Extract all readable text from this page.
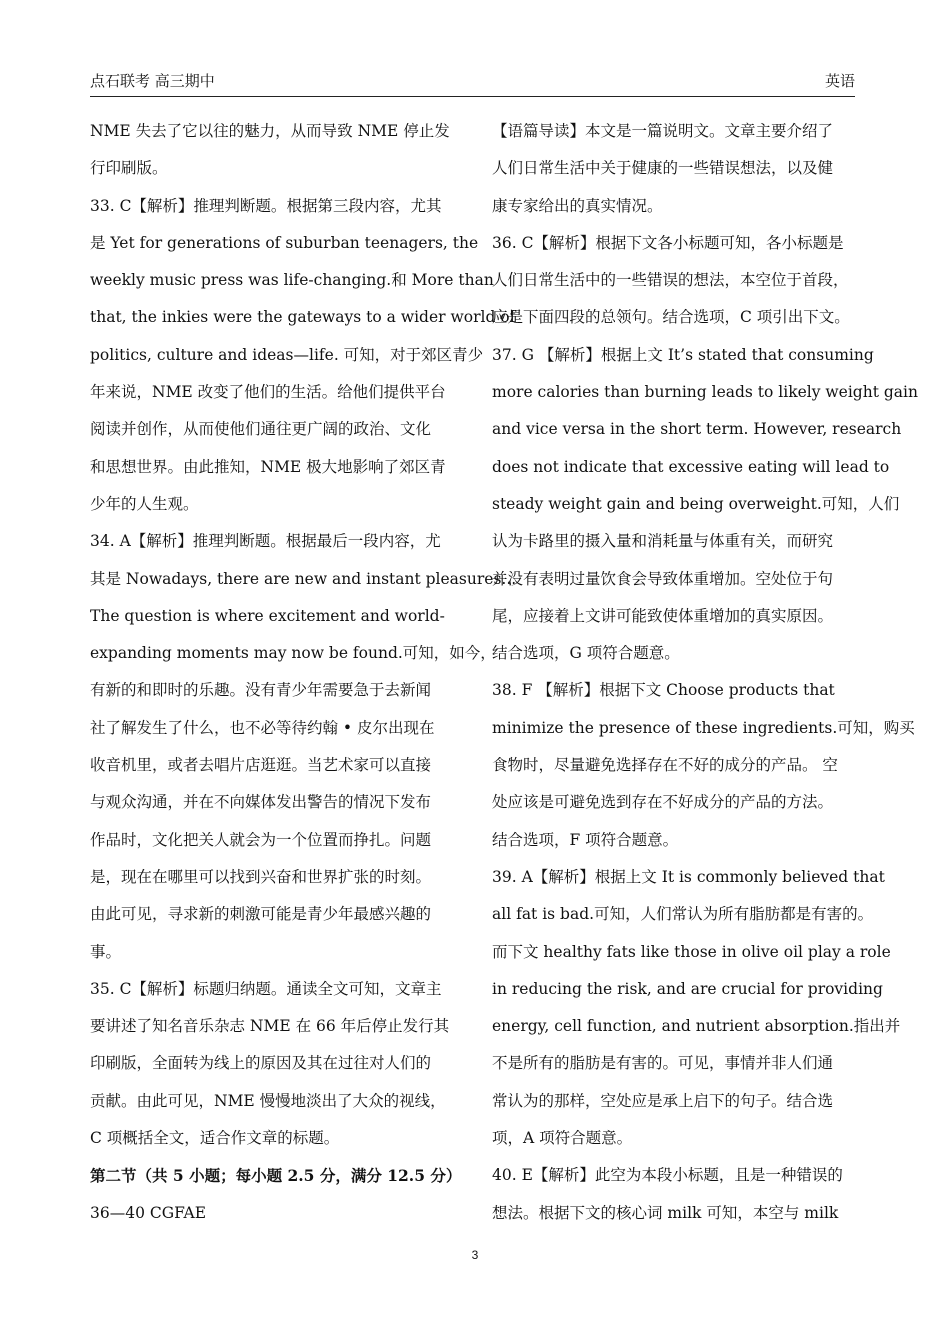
点石联考 高三期中	英语
NME 失去了它以往的魅力，从而导致 NME 停止发
行印刷版。
33. C【解析】推理判断题。根据第三段内容，尤其
是 Yet for generations of suburban teenagers, the
weekly music press was life-changing.和 More than
that, the inkies were the gateways to a wider world of
politics, culture and ideas—life. 可知，对于郊区青少
年来说，NME 改变了他们的生活。给他们提供平台
阅读并创作，从而使他们通往更广阔的政治、文化
和思想世界。由此推知，NME 极大地影响了郊区青
少年的人生观。
34. A【解析】推理判断题。根据最后一段内容，尤
其是 Nowadays, there are new and instant pleasures...
The question is where excitement and world-
expanding moments may now be found.可知，如今，
有新的和即时的乐趣。没有青少年需要急于去新闻
社了解发生了什么，也不必等待约翰 • 皮尔出现在
收音机里，或者去唱片店逛逛。当艺术家可以直接
与观众沟通，并在不向媒体发出警告的情况下发布
作品时，文化把关人就会为一个位置而挣扎。问题
是，现在在哪里可以找到兴奋和世界扩张的时刻。
由此可见，寻求新的刺激可能是青少年最感兴趣的
事。
35. C【解析】标题归纳题。通读全文可知，文章主
要讲述了知名音乐杂志 NME 在 66 年后停止发行其
印刷版，全面转为线上的原因及其在过往对人们的
贡献。由此可见，NME 慢慢地淡出了大众的视线，
C 项概括全文，适合作文章的标题。
第二节（共 5 小题；每小题 2.5 分，满分 12.5 分）
36—40 CGFAE
【语篇导读】本文是一篇说明文。文章主要介绍了
人们日常生活中关于健康的一些错误想法，以及健
康专家给出的真实情况。
36. C【解析】根据下文各小标题可知，各小标题是
人们日常生活中的一些错误的想法，本空位于首段，
应是下面四段的总领句。结合选项，C 项引出下文。
37. G 【解析】根据上文 It’s stated that consuming
more calories than burning leads to likely weight gain
and vice versa in the short term. However, research
does not indicate that excessive eating will lead to
steady weight gain and being overweight.可知，人们
认为卡路里的摄入量和消耗量与体重有关，而研究
并没有表明过量饮食会导致体重增加。空处位于句
尾，应接着上文讲可能致使体重增加的真实原因。
结合选项，G 项符合题意。
38. F 【解析】根据下文 Choose products that
minimize the presence of these ingredients.可知，购买
食物时，尽量避免选择存在不好的成分的产品。 空
处应该是可避免选到存在不好成分的产品的方法。
结合选项，F 项符合题意。
39. A【解析】根据上文 It is commonly believed that
all fat is bad.可知，人们常认为所有脂肪都是有害的。
而下文 healthy fats like those in olive oil play a role
in reducing the risk, and are crucial for providing
energy, cell function, and nutrient absorption.指出并
不是所有的脂肪是有害的。可见，事情并非人们通
常认为的那样，空处应是承上启下的句子。结合选
项，A 项符合题意。
40. E【解析】此空为本段小标题，且是一种错误的
想法。根据下文的核心词 milk 可知，本空与 milk
3
